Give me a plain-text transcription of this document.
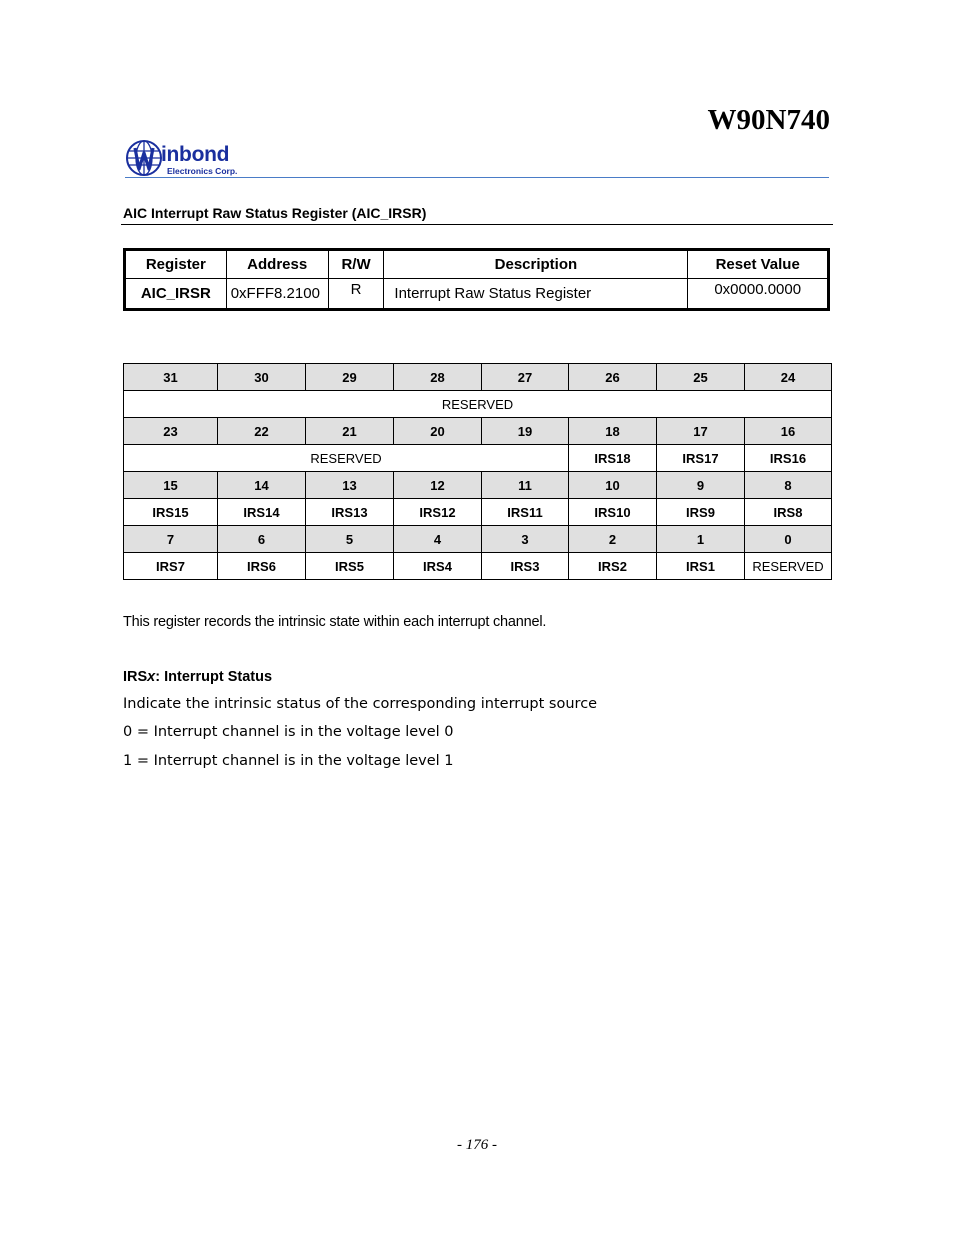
W90N740
inbond
Electronics Corp.
AIC Interrupt Raw Status Register (AIC_IRSR)
Register	Address	R/W	Description	Reset Value
AIC_IRSR	0xFFF8.2100	R	Interrupt Raw Status Register	0x0000.0000
31	30	29	28	27	26	25	24
RESERVED							
23	22	21	20	19	18	17	16
RESERVED					IRS18	IRS17	IRS16
15	14	13	12	11	10	9	8
IRS15	IRS14	IRS13	IRS12	IRS11	IRS10	IRS9	IRS8
7	6	5	4	3	2	1	0
IRS7	IRS6	IRS5	IRS4	IRS3	IRS2	IRS1	RESERVED
This register records the intrinsic state within each interrupt channel.
IRSx: Interrupt Status
Indicate the intrinsic status of the corresponding interrupt source
0 = Interrupt channel is in the voltage level 0
1 = Interrupt channel is in the voltage level 1
- 176 -
